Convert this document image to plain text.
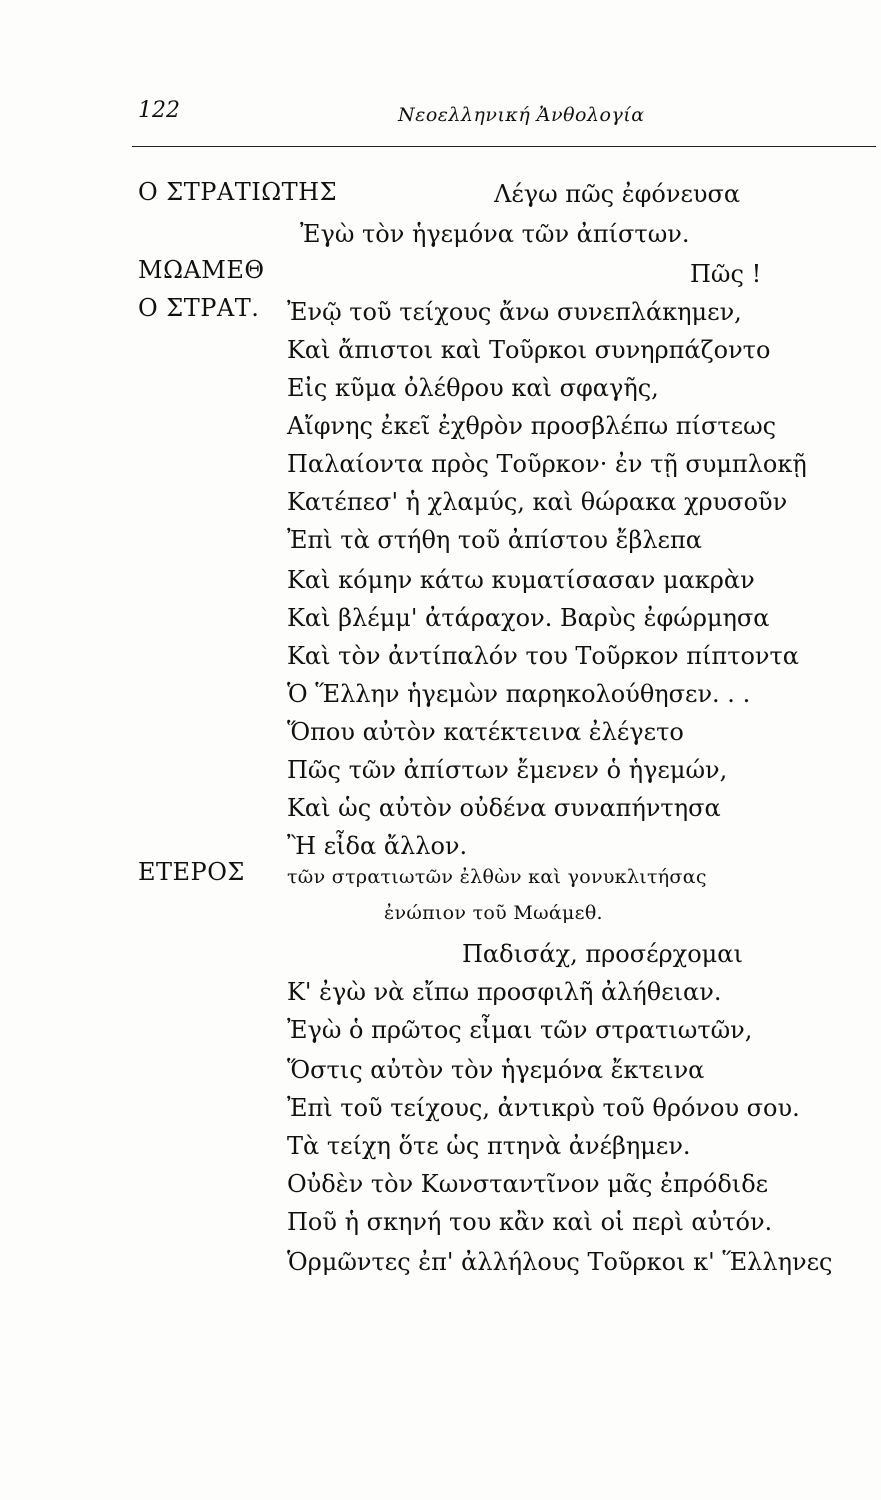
122	Νεοελληνική Ἀνθολογία
Ο ΣΤΡΑΤΙΩΤΗΣ
ΜΩΑΜΕΘ
Ο ΣΤΡΑΤ.
ΕΤΕΡΟΣ
Λέγω πῶς ἐφόνευσα
Ἐγὼ τὸν ἡγεμόνα τῶν ἀπίστων.
Πῶς !
Ἐνῷ τοῦ τείχους ἄνω συνεπλάκημεν,
Καὶ ἄπιστοι καὶ Τοῦρκοι συνηρπάζοντο
Εἰς κῦμα ὀλέθρου καὶ σφαγῆς,
Αἴφνης ἐκεῖ ἐχθρὸν προσβλέπω πίστεως
Παλαίοντα πρὸς Τοῦρκον· ἐν τῇ συμπλοκῇ
Κατέπεσ' ἡ χλαμύς, καὶ θώρακα χρυσοῦν
Ἐπὶ τὰ στήθη τοῦ ἀπίστου ἔβλεπα
Καὶ κόμην κάτω κυματίσασαν μακρὰν
Καὶ βλέμμ' ἀτάραχον. Βαρὺς ἐφώρμησα
Καὶ τὸν ἀντίπαλόν του Τοῦρκον πίπτοντα
Ὁ Ἕλλην ἡγεμὼν παρηκολούθησεν. . .
Ὅπου αὐτὸν κατέκτεινα ἐλέγετο
Πῶς τῶν ἀπίστων ἔμενεν ὁ ἡγεμών,
Καὶ ὡς αὐτὸν οὐδένα συναπήντησα
Ἢ εἶδα ἄλλον.
τῶν στρατιωτῶν ἐλθὼν καὶ γονυκλιτήσας
ἐνώπιον τοῦ Μωάμεθ.
Παδισάχ, προσέρχομαι
Κ' ἐγὼ νὰ εἴπω προσφιλῆ ἀλήθειαν.
Ἐγὼ ὁ πρῶτος εἶμαι τῶν στρατιωτῶν,
Ὅστις αὐτὸν τὸν ἡγεμόνα ἔκτεινα
Ἐπὶ τοῦ τείχους, ἀντικρὺ τοῦ θρόνου σου.
Τὰ τείχη ὅτε ὡς πτηνὰ ἀνέβημεν.
Οὐδὲν τὸν Κωνσταντῖνον μᾶς ἐπρόδιδε
Ποῦ ἡ σκηνή του κἂν καὶ οἱ περὶ αὐτόν.
Ὁρμῶντες ἐπ' ἀλλήλους Τοῦρκοι κ' Ἕλληνες
